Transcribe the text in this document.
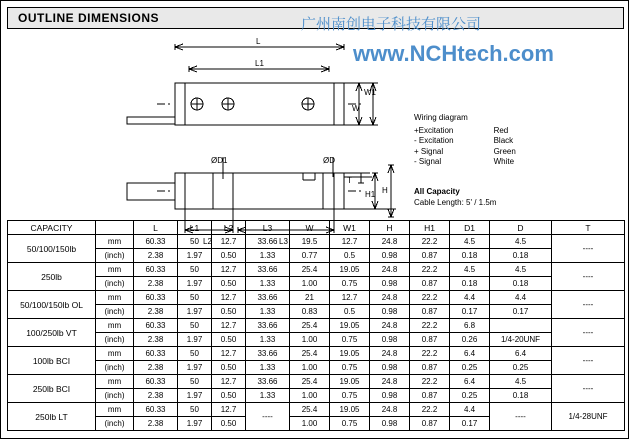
OUTLINE DIMENSIONS	广州南创电子科技有限公司
www.NCHtech.com
L
L1
W
W1
ØD1	ØD
T
H1 H
L2	L3
Wiring diagram
+Excitation	Red
- Excitation	Black
+ Signal	Green
- Signal	White
All Capacity
Cable Length: 5' / 1.5m
CAPACITY		L	L1	L2	L3	W	W1	H	H1	D1	D	T
50/100/150lb	mm	60.33	50	12.7	33.66	19.5	12.7	24.8	22.2	4.5	4.5	----
	(inch)	2.38	1.97	0.50	1.33	0.77	0.5	0.98	0.87	0.18	0.18	
250lb	mm	60.33	50	12.7	33.66	25.4	19.05	24.8	22.2	4.5	4.5	----
	(inch)	2.38	1.97	0.50	1.33	1.00	0.75	0.98	0.87	0.18	0.18	
50/100/150lb OL	mm	60.33	50	12.7	33.66	21	12.7	24.8	22.2	4.4	4.4	----
	(inch)	2.38	1.97	0.50	1.33	0.83	0.5	0.98	0.87	0.17	0.17	
100/250lb VT	mm	60.33	50	12.7	33.66	25.4	19.05	24.8	22.2	6.8		----
	(inch)	2.38	1.97	0.50	1.33	1.00	0.75	0.98	0.87	0.26	1/4-20UNF	
100lb BCI	mm	60.33	50	12.7	33.66	25.4	19.05	24.8	22.2	6.4	6.4	----
	(inch)	2.38	1.97	0.50	1.33	1.00	0.75	0.98	0.87	0.25	0.25	
250lb BCI	mm	60.33	50	12.7	33.66	25.4	19.05	24.8	22.2	6.4	4.5	----
	(inch)	2.38	1.97	0.50	1.33	1.00	0.75	0.98	0.87	0.25	0.18	
250lb LT	mm	60.33	50	12.7	----	25.4	19.05	24.8	22.2	4.4	----	1/4-28UNF
	(inch)	2.38	1.97	0.50		1.00	0.75	0.98	0.87	0.17		
